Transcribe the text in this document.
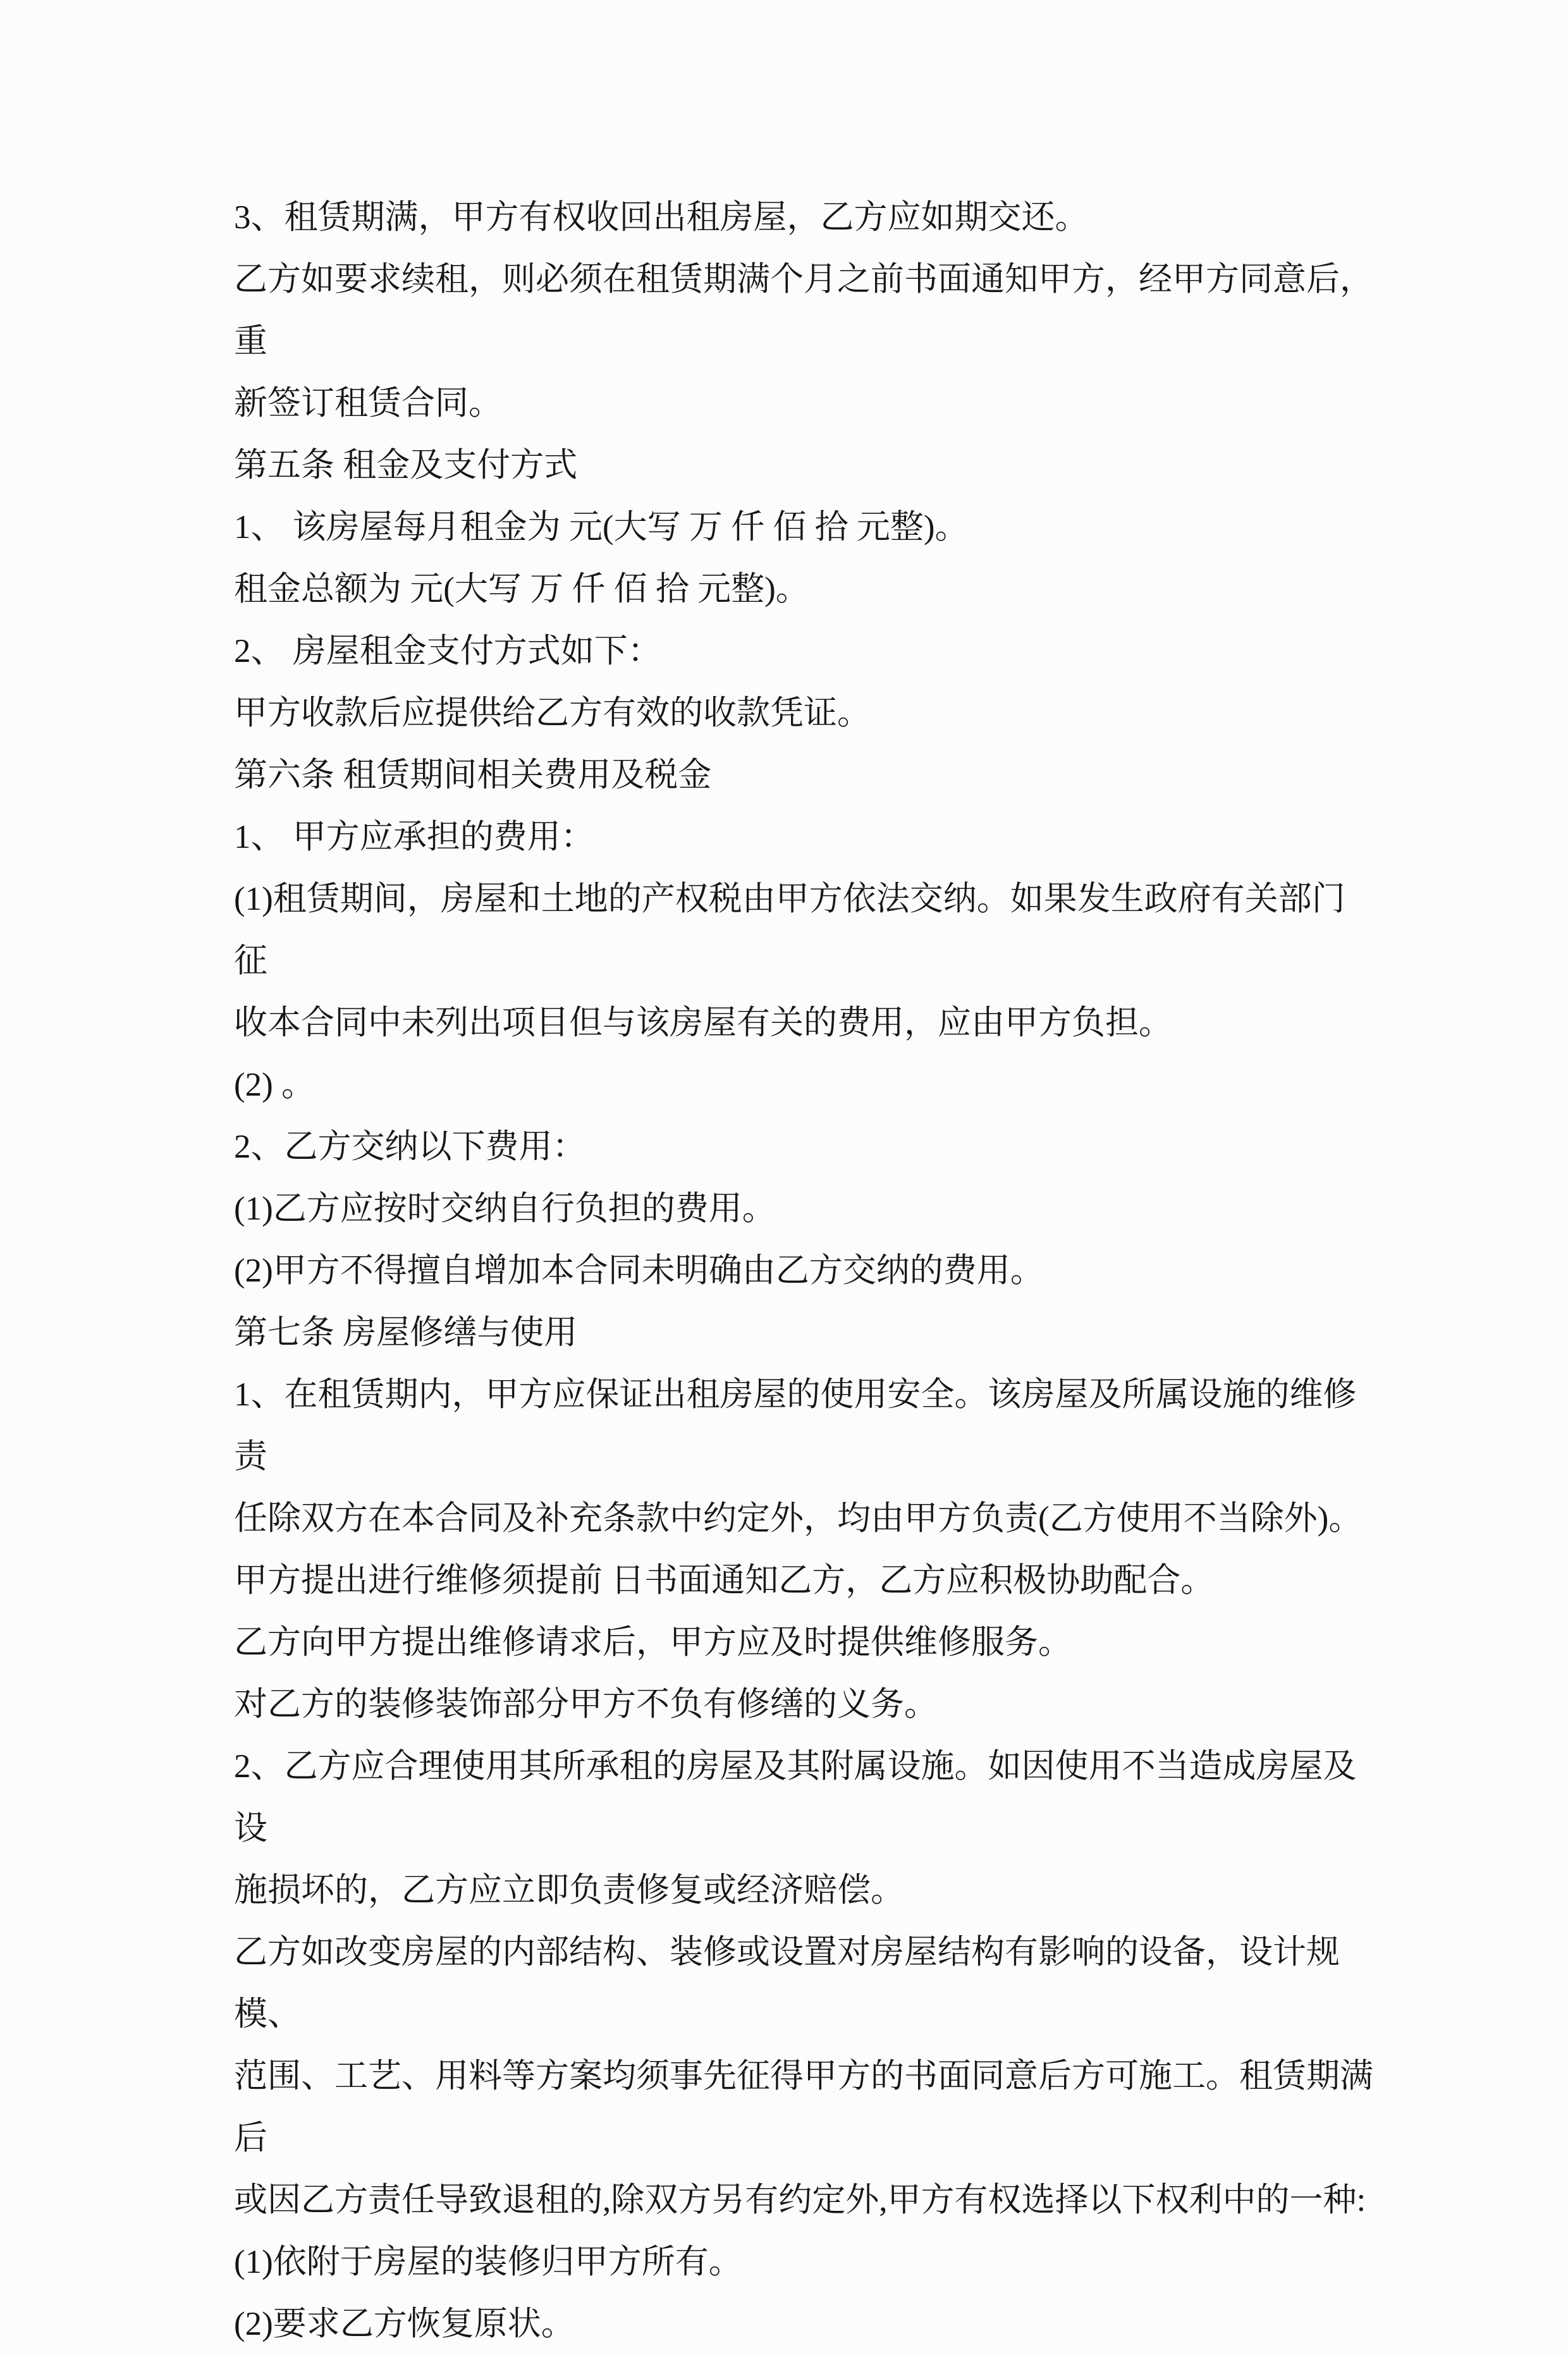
3、租赁期满，甲方有权收回出租房屋，乙方应如期交还。
乙方如要求续租，则必须在租赁期满个月之前书面通知甲方，经甲方同意后，重
新签订租赁合同。
第五条 租金及支付方式
1、 该房屋每月租金为 元(大写 万 仟 佰 拾 元整)。
租金总额为 元(大写 万 仟 佰 拾 元整)。
2、 房屋租金支付方式如下：
甲方收款后应提供给乙方有效的收款凭证。
第六条 租赁期间相关费用及税金
1、 甲方应承担的费用：
(1)租赁期间，房屋和土地的产权税由甲方依法交纳。如果发生政府有关部门征
收本合同中未列出项目但与该房屋有关的费用，应由甲方负担。
(2) 。
2、乙方交纳以下费用：
(1)乙方应按时交纳自行负担的费用。
(2)甲方不得擅自增加本合同未明确由乙方交纳的费用。
第七条 房屋修缮与使用
1、在租赁期内，甲方应保证出租房屋的使用安全。该房屋及所属设施的维修责
任除双方在本合同及补充条款中约定外，均由甲方负责(乙方使用不当除外)。
甲方提出进行维修须提前 日书面通知乙方，乙方应积极协助配合。
乙方向甲方提出维修请求后，甲方应及时提供维修服务。
对乙方的装修装饰部分甲方不负有修缮的义务。
2、乙方应合理使用其所承租的房屋及其附属设施。如因使用不当造成房屋及设
施损坏的，乙方应立即负责修复或经济赔偿。
乙方如改变房屋的内部结构、装修或设置对房屋结构有影响的设备，设计规模、
范围、工艺、用料等方案均须事先征得甲方的书面同意后方可施工。租赁期满后
或因乙方责任导致退租的,除双方另有约定外,甲方有权选择以下权利中的一种:
(1)依附于房屋的装修归甲方所有。
(2)要求乙方恢复原状。
